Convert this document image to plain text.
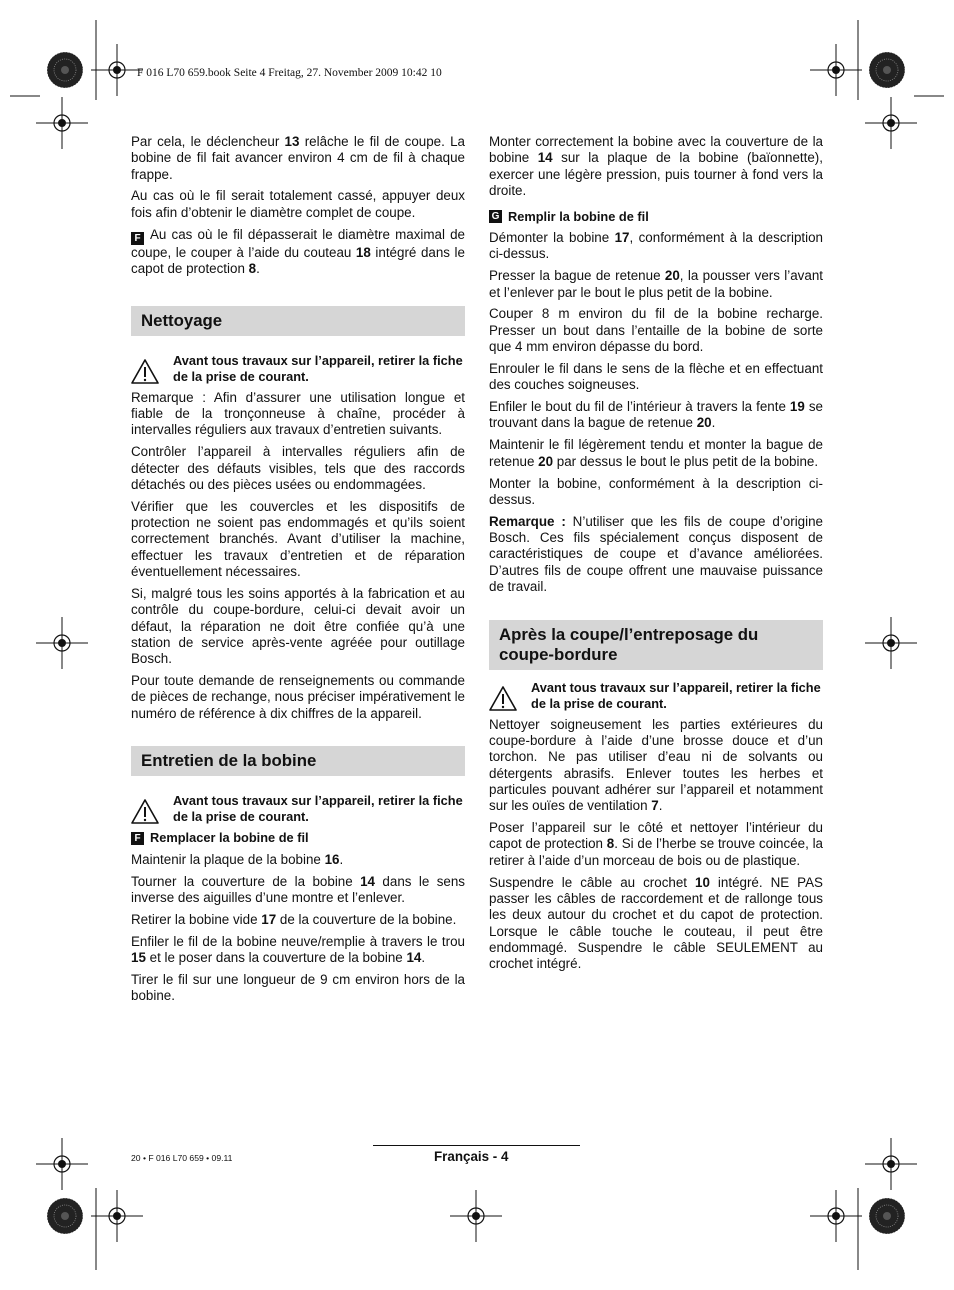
F 016 L70 659.book Seite 4 Freitag, 27. November 2009 10:42 10

Par cela, le déclencheur 13 relâche le fil de coupe. La bobine de fil fait avancer environ 4 cm de fil à chaque frappe.

Au cas où le fil serait totalement cassé, appuyer deux fois afin d’obtenir le diamètre complet de coupe.

F Au cas où le fil dépasserait le diamètre maximal de coupe, le couper à l’aide du couteau 18 intégré dans le capot de protection 8.

Nettoyage
Avant tous travaux sur l’appareil, retirer la fiche de la prise de courant.

Remarque : Afin d’assurer une utilisation longue et fiable de la tronçonneuse à chaîne, procéder à intervalles réguliers aux travaux d’entretien suivants.

Contrôler l’appareil à intervalles réguliers afin de détecter des défauts visibles, tels que des raccords détachés ou des pièces usées ou endommagées.

Vérifier que les couvercles et les dispositifs de protection ne soient pas endommagés et qu’ils soient correctement branchés. Avant d’utiliser la machine, effectuer les travaux d’entretien et de réparation éventuellement nécessaires.

Si, malgré tous les soins apportés à la fabrication et au contrôle du coupe-bordure, celui-ci devait avoir un défaut, la réparation ne doit être confiée qu’à une station de service après-vente agréée pour outillage Bosch.

Pour toute demande de renseignements ou commande de pièces de rechange, nous préciser impérativement le numéro de référence à dix chiffres de la appareil.

Entretien de la bobine
Avant tous travaux sur l’appareil, retirer la fiche de la prise de courant.
F Remplacer la bobine de fil

Maintenir la plaque de la bobine 16.

Tourner la couverture de la bobine 14 dans le sens inverse des aiguilles d’une montre et l’enlever.

Retirer la bobine vide 17 de la couverture de la bobine.

Enfiler le fil de la bobine neuve/remplie à travers le trou 15 et le poser dans la couverture de la bobine 14.

Tirer le fil sur une longueur de 9 cm environ hors de la bobine.

Monter correctement la bobine avec la couverture de la bobine 14 sur la plaque de la bobine (baïonnette), exercer une légère pression, puis tourner à fond vers la droite.

G Remplir la bobine de fil

Démonter la bobine 17, conformément à la description ci-dessus.

Presser la bague de retenue 20, la pousser vers l’avant et l’enlever par le bout le plus petit de la bobine.

Couper 8 m environ du fil de la bobine recharge. Presser un bout dans l’entaille de la bobine de sorte que 4 mm environ dépasse du bord.

Enrouler le fil dans le sens de la flèche et en effectuant des couches soigneuses.

Enfiler le bout du fil de l’intérieur à travers la fente 19 se trouvant dans la bague de retenue 20.

Maintenir le fil légèrement tendu et monter la bague de retenue 20 par dessus le bout le plus petit de la bobine.

Monter la bobine, conformément à la description ci-dessus.

Remarque : N’utiliser que les fils de coupe d’origine Bosch. Ces fils spécialement conçus disposent de caractéristiques de coupe et d’avance améliorées. D’autres fils de coupe offrent une mauvaise puissance de travail.

Après la coupe/l’entreposage du coupe-bordure
Avant tous travaux sur l’appareil, retirer la fiche de la prise de courant.

Nettoyer soigneusement les parties extérieures du coupe-bordure à l’aide d’une brosse douce et d’un torchon. Ne pas utiliser d’eau ni de solvants ou détergents abrasifs. Enlever toutes les herbes et particules pouvant adhérer sur l’appareil et notamment sur les ouïes de ventilation 7.

Poser l’appareil sur le côté et nettoyer l’intérieur du capot de protection 8. Si de l’herbe se trouve coincée, la retirer à l’aide d’un morceau de bois ou de plastique.

Suspendre le câble au crochet 10 intégré. NE PAS passer les câbles de raccordement et de rallonge tous les deux autour du crochet et du capot de protection. Lorsque le câble touche le couteau, il peut être endommagé. Suspendre le câble SEULEMENT au crochet intégré.

20 • F 016 L70 659 • 09.11	Français - 4
